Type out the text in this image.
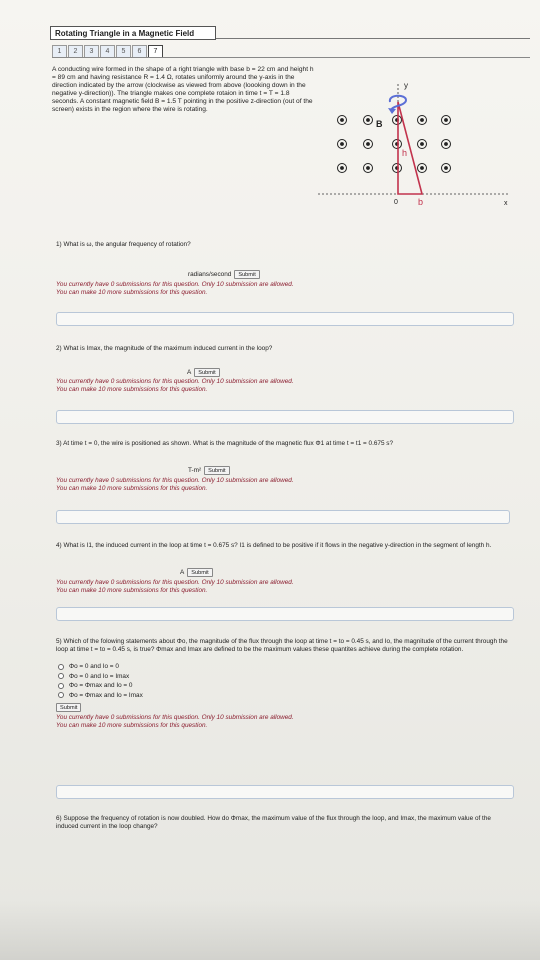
Rotating Triangle in a Magnetic Field
1	2	3	4	5	6	7
A conducting wire formed in the shape of a right triangle with base b = 22 cm and height h = 89 cm and having resistance R = 1.4 Ω, rotates uniformly around the y-axis in the direction indicated by the arrow (clockwise as viewed from above (loooking down in the negative y-direction)). The triangle makes one complete rotaion in time t = T = 1.8 seconds. A constant magnetic field B = 1.5 T pointing in the positive z-direction (out of the screen) exists in the region where the wire is rotating.
y
B
h
0 b	x
1) What is ω, the angular frequency of rotation?
radians/second	Submit
You currently have 0 submissions for this question. Only 10 submission are allowed.
You can make 10 more submissions for this question.
2) What is Imax, the magnitude of the maximum induced current in the loop?
A	Submit
You currently have 0 submissions for this question. Only 10 submission are allowed.
You can make 10 more submissions for this question.
3) At time t = 0, the wire is positioned as shown. What is the magnitude of the magnetic flux Φ1 at time t = t1 = 0.675 s?
T-m²	Submit
You currently have 0 submissions for this question. Only 10 submission are allowed.
You can make 10 more submissions for this question.
4) What is I1, the induced current in the loop at time t = 0.675 s? I1 is defined to be positive if it flows in the negative y-direction in the segment of length h.
A	Submit
You currently have 0 submissions for this question. Only 10 submission are allowed.
You can make 10 more submissions for this question.
5) Which of the folowing statements about Φo, the magnitude of the flux through the loop at time t = to = 0.45 s, and Io, the magnitude of the current through the loop at time t = to = 0.45 s, is true? Φmax and Imax are defined to be the maximum values these quantites achieve during the complete rotation.
Φo = 0 and Io = 0
Φo = 0 and Io = Imax
Φo = Φmax and Io = 0
Φo = Φmax and Io = Imax
Submit
You currently have 0 submissions for this question. Only 10 submission are allowed.
You can make 10 more submissions for this question.
6) Suppose the frequency of rotation is now doubled. How do Φmax, the maximum value of the flux through the loop, and Imax, the maximum value of the induced current in the loop change?
